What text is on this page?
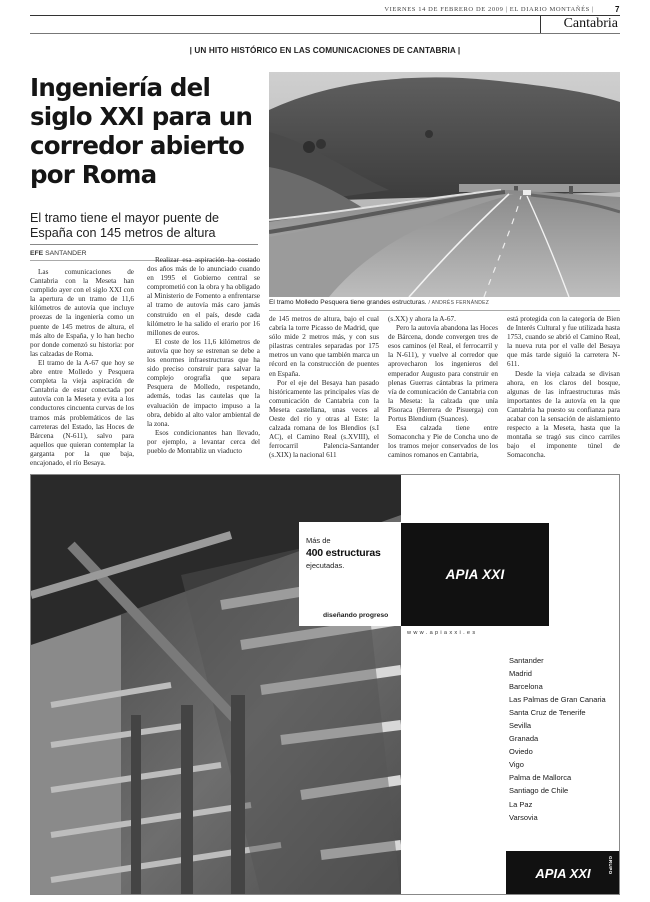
VIERNES 14 DE FEBRERO DE 2009 | EL DIARIO MONTAÑÉS |	7
Cantabria
| UN HITO HISTÓRICO EN LAS COMUNICACIONES DE CANTABRIA |
Ingeniería del siglo XXI para un corredor abierto por Roma
El tramo tiene el mayor puente de España con 145 metros de altura
EFE SANTANDER
El tramo Molledo Pesquera tiene grandes estructuras. / ANDRÉS FERNÁNDEZ

Las comunicaciones de Cantabria con la Meseta han cumplido ayer con el siglo XXI con la apertura de un tramo de 11,6 kilómetros de autovía que incluye proezas de la ingeniería como un puente de 145 metros de altura, el más alto de España, y lo han hecho por donde comenzó su historia: por las calzadas de Roma.

El tramo de la A-67 que hoy se abre entre Molledo y Pesquera completa la vieja aspiración de Cantabria de estar conectada por autovía con la Meseta y evita a los conductores cincuenta curvas de los tramos más problemáticos de las carreteras del Estado, las Hoces de Bárcena (N-611), salvo para aquellos que quieran contemplar la garganta por la que baja, encajonado, el río Besaya.

Realizar esa aspiración ha costado dos años más de lo anunciado cuando en 1995 el Gobierno central se comprometió con la obra y ha obligado al Ministerio de Fomento a enfrentarse al tramo de autovía más caro jamás construido en el país, desde cada kilómetro le ha salido el erario por 16 millones de euros.

El coste de los 11,6 kilómetros de autovía que hoy se estrenan se debe a los enormes infraestructuras que ha sido preciso construir para salvar la complejo orografía que separa Pesquera de Molledo, respetando, además, todas las cautelas que la evaluación de impacto impuso a la obra, debido al alto valor ambiental de la zona.

Esos condicionantes han llevado, por ejemplo, a levantar cerca del pueblo de Montabliz un viaducto

de 145 metros de altura, bajo el cual cabría la torre Picasso de Madrid, que sólo mide 2 metros más, y con sus pilastras centrales separadas por 175 metros un vano que también marca un récord en la construcción de puentes en España.

Por el eje del Besaya han pasado históricamente las principales vías de comunicación de Cantabria con la Meseta castellana, unas veces al Oeste del río y otras al Este: la calzada romana de los Blendios (s.I AC), el Camino Real (s.XVIII), el ferrocarril Palencia-Santander (s.XIX) la nacional 611

(s.XX) y ahora la A-67.

Pero la autovía abandona las Hoces de Bárcena, donde convergen tres de esos caminos (el Real, el ferrocarril y la N-611), y vuelve al corredor que aprovecharon los ingenieros del emperador Augusto para construir en plenas Guerras cántabras la primera vía de comunicación de Cantabria con la Meseta: la calzada que unía Pisoraca (Herrera de Pisuerga) con Portus Blendium (Suances).

Esa calzada tiene entre Somaconcha y Pie de Concha uno de los tramos mejor conservados de los caminos romanos en Cantabria,

está protegida con la categoría de Bien de Interés Cultural y fue utilizada hasta 1753, cuando se abrió el Camino Real, la nueva ruta por el valle del Besaya que más tarde siguió la carretera N-611.

Desde la vieja calzada se divisan ahora, en los claros del bosque, algunas de las infraestructuras más importantes de la autovía en la que Cantabria ha puesto su confianza para acabar con la sensación de aislamiento respecto a la Meseta, hasta que la montaña se tragó sus cinco carriles bajo el imponente túnel de Somaconcha.

Más de
400 estructuras
ejecutadas.
diseñando progreso
APIA XXI
www.apiaxxi.es
Santander
Madrid
Barcelona
Las Palmas de Gran Canaria
Santa Cruz de Tenerife
Sevilla
Granada
Oviedo
Vigo
Palma de Mallorca
Santiago de Chile
La Paz
Varsovia
APIA XXI	GRUPO
